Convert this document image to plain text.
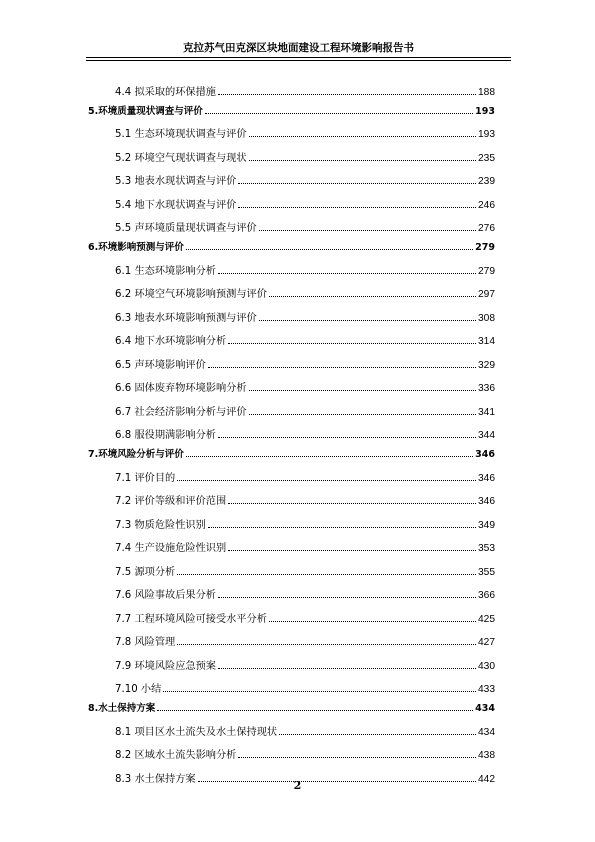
克拉苏气田克深区块地面建设工程环境影响报告书
4.4 拟采取的环保措施	188
5.环境质量现状调查与评价	193
5.1 生态环境现状调查与评价	193
5.2 环境空气现状调查与现状	235
5.3 地表水现状调查与评价	239
5.4 地下水现状调查与评价	246
5.5 声环境质量现状调查与评价	276
6.环境影响预测与评价	279
6.1 生态环境影响分析	279
6.2 环境空气环境影响预测与评价	297
6.3 地表水环境影响预测与评价	308
6.4 地下水环境影响分析	314
6.5 声环境影响评价	329
6.6 固体废弃物环境影响分析	336
6.7 社会经济影响分析与评价	341
6.8 服役期满影响分析	344
7.环境风险分析与评价	346
7.1 评价目的	346
7.2 评价等级和评价范围	346
7.3 物质危险性识别	349
7.4 生产设施危险性识别	353
7.5 源项分析	355
7.6 风险事故后果分析	366
7.7 工程环境风险可接受水平分析	425
7.8 风险管理	427
7.9 环境风险应急预案	430
7.10 小结	433
8.水土保持方案	434
8.1 项目区水土流失及水土保持现状	434
8.2 区域水土流失影响分析	438
8.3 水土保持方案	442
2
